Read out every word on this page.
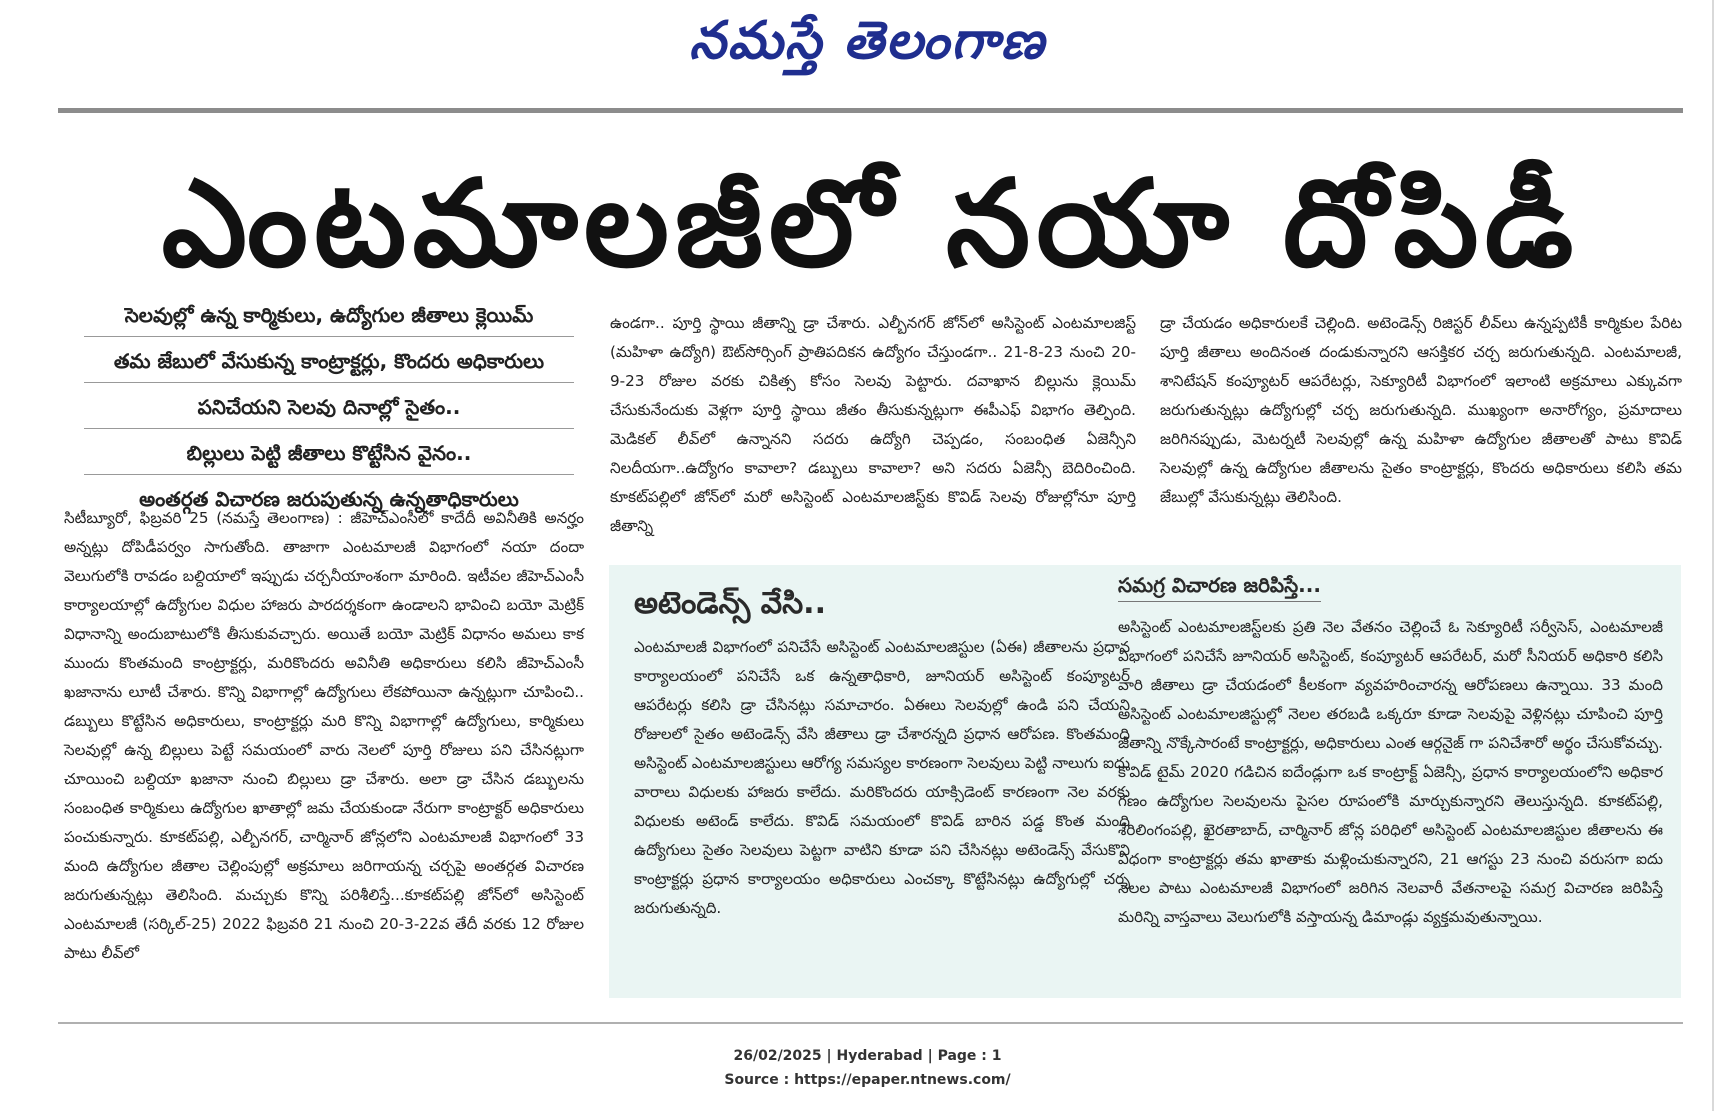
నమస్తే తెలంగాణ
ఎంటమాలజీలో నయా దోపిడీ
సెలవుల్లో ఉన్న కార్మికులు, ఉద్యోగుల జీతాలు క్లెయిమ్
తమ జేబులో వేసుకున్న కాంట్రాక్టర్లు, కొందరు అధికారులు
పనిచేయని సెలవు దినాల్లో సైతం..
బిల్లులు పెట్టి జీతాలు కొట్టేసిన వైనం..
అంతర్గత విచారణ జరుపుతున్న ఉన్నతాధికారులు

సిటీబ్యూరో, ఫిబ్రవరి 25 (నమస్తే తెలంగాణ) : జీహెచ్‌ఎంసీలో కాదేదీ అవినీతికి అనర్హం అన్నట్లు దోపిడీపర్వం సాగుతోంది. తాజాగా ఎంటమాలజీ విభాగంలో నయా దందా వెలుగులోకి రావడం బల్దియాలో ఇప్పుడు చర్చనీయాంశంగా మారింది. ఇటీవల జీహెచ్‌ఎంసీ కార్యాలయాల్లో ఉద్యోగుల విధుల హాజరు పారదర్శకంగా ఉండాలని భావించి బయో మెట్రిక్ విధానాన్ని అందుబాటులోకి తీసుకువచ్చారు. అయితే బయో మెట్రిక్ విధానం అమలు కాక ముందు కొంతమంది కాంట్రాక్టర్లు, మరికొందరు అవినీతి అధికారులు కలిసి జీహెచ్‌ఎంసీ ఖజానాను లూటీ చేశారు. కొన్ని విభాగాల్లో ఉద్యోగులు లేకపోయినా ఉన్నట్లుగా చూపించి.. డబ్బులు కొట్టేసిన అధికారులు, కాంట్రాక్టర్లు మరి కొన్ని విభాగాల్లో ఉద్యోగులు, కార్మికులు సెలవుల్లో ఉన్న బిల్లులు పెట్టే సమయంలో వారు నెలలో పూర్తి రోజులు పని చేసినట్లుగా చూయించి బల్దియా ఖజానా నుంచి బిల్లులు డ్రా చేశారు. అలా డ్రా చేసిన డబ్బులను సంబంధిత కార్మికులు ఉద్యోగుల ఖాతాల్లో జమ చేయకుండా నేరుగా కాంట్రాక్టర్ అధికారులు పంచుకున్నారు. కూకట్‌పల్లి, ఎల్బీనగర్, చార్మినార్ జోన్లలోని ఎంటమాలజీ విభాగంలో 33 మంది ఉద్యోగుల జీతాల చెల్లింపుల్లో అక్రమాలు జరిగాయన్న చర్చపై అంతర్గత విచారణ జరుగుతున్నట్లు తెలిసింది. మచ్చుకు కొన్ని పరిశీలిస్తే...కూకట్‌పల్లి జోన్‌లో అసిస్టెంట్ ఎంటమాలజీ (సర్కిల్-25) 2022 ఫిబ్రవరి 21 నుంచి 20-3-22వ తేదీ వరకు 12 రోజుల పాటు లీవ్‌లో

ఉండగా.. పూర్తి స్థాయి జీతాన్ని డ్రా చేశారు. ఎల్బీనగర్ జోన్‌లో అసిస్టెంట్ ఎంటమాలజిస్ట్ (మహిళా ఉద్యోగి) ఔట్‌సోర్సింగ్ ప్రాతిపదికన ఉద్యోగం చేస్తుండగా.. 21-8-23 నుంచి 20-9-23 రోజుల వరకు చికిత్స కోసం సెలవు పెట్టారు. దవాఖాన బిల్లును క్లెయిమ్ చేసుకునేందుకు వెళ్లగా పూర్తి స్థాయి జీతం తీసుకున్నట్లుగా ఈపీఎఫ్ విభాగం తెల్పింది. మెడికల్ లీవ్‌లో ఉన్నానని సదరు ఉద్యోగి చెప్పడం, సంబంధిత ఏజెన్సీని నిలదీయగా..ఉద్యోగం కావాలా? డబ్బులు కావాలా? అని సదరు ఏజెన్సీ బెదిరించింది. కూకట్‌పల్లిలో జోన్‌లో మరో అసిస్టెంట్ ఎంటమాలజిస్ట్‌కు కొవిడ్ సెలవు రోజుల్లోనూ పూర్తి జీతాన్ని

డ్రా చేయడం అధికారులకే చెల్లింది. అటెండెన్స్ రిజిస్టర్ లీవ్‌లు ఉన్నప్పటికీ కార్మికుల పేరిట పూర్తి జీతాలు అందినంత దండుకున్నారని ఆసక్తికర చర్చ జరుగుతున్నది. ఎంటమాలజీ, శానిటేషన్ కంప్యూటర్ ఆపరేటర్లు, సెక్యూరిటీ విభాగంలో ఇలాంటి అక్రమాలు ఎక్కువగా జరుగుతున్నట్లు ఉద్యోగుల్లో చర్చ జరుగుతున్నది. ముఖ్యంగా అనారోగ్యం, ప్రమాదాలు జరిగినప్పుడు, మెటర్నటీ సెలవుల్లో ఉన్న మహిళా ఉద్యోగుల జీతాలతో పాటు కొవిడ్ సెలవుల్లో ఉన్న ఉద్యోగుల జీతాలను సైతం కాంట్రాక్టర్లు, కొందరు అధికారులు కలిసి తమ జేబుల్లో వేసుకున్నట్లు తెలిసింది.

అటెండెన్స్ వేసి..

ఎంటమాలజీ విభాగంలో పనిచేసే అసిస్టెంట్ ఎంటమాలజిస్టుల (ఏఈ) జీతాలను ప్రధాన కార్యాలయంలో పనిచేసే ఒక ఉన్నతాధికారి, జూనియర్ అసిస్టెంట్ కంప్యూటర్ ఆపరేటర్లు కలిసి డ్రా చేసినట్లు సమాచారం. ఏఈలు సెలవుల్లో ఉండి పని చేయని రోజులలో సైతం అటెండెన్స్ వేసి జీతాలు డ్రా చేశారన్నది ప్రధాన ఆరోపణ. కొంతమంది అసిస్టెంట్ ఎంటమాలజిస్టులు ఆరోగ్య సమస్యల కారణంగా సెలవులు పెట్టి నాలుగు ఐదు వారాలు విధులకు హాజరు కాలేదు. మరికొందరు యాక్సిడెంట్ కారణంగా నెల వరకు విధులకు అటెండ్ కాలేదు. కొవిడ్ సమయంలో కొవిడ్ బారిన పడ్డ కొంత మంది ఉద్యోగులు సైతం సెలవులు పెట్టగా వాటిని కూడా పని చేసినట్లు అటెండెన్స్ వేసుకొని కాంట్రాక్టర్లు ప్రధాన కార్యాలయం అధికారులు ఎంచక్కా కొట్టేసినట్లు ఉద్యోగుల్లో చర్చ జరుగుతున్నది.

సమగ్ర విచారణ జరిపిస్తే...

అసిస్టెంట్ ఎంటమాలజిస్ట్‌లకు ప్రతి నెల వేతనం చెల్లించే ఓ సెక్యూరిటీ సర్వీసెస్, ఎంటమాలజీ విభాగంలో పనిచేసే జూనియర్ అసిస్టెంట్, కంప్యూటర్ ఆపరేటర్, మరో సీనియర్ అధికారి కలిసి వారి జీతాలు డ్రా చేయడంలో కీలకంగా వ్యవహరించారన్న ఆరోపణలు ఉన్నాయి. 33 మంది అసిస్టెంట్ ఎంటమాలజిస్టుల్లో నెలల తరబడి ఒక్కరూ కూడా సెలవుపై వెళ్లినట్లు చూపించి పూర్తి జీతాన్ని నొక్కేసారంటే కాంట్రాక్టర్లు, అధికారులు ఎంత ఆర్గనైజ్ గా పనిచేశారో అర్థం చేసుకోవచ్చు. కొవిడ్ టైమ్ 2020 గడిచిన ఐదేండ్లుగా ఒక కాంట్రాక్ట్ ఏజెన్సీ, ప్రధాన కార్యాలయంలోని అధికార గణం ఉద్యోగుల సెలవులను పైసల రూపంలోకి మార్చుకున్నారని తెలుస్తున్నది. కూకట్‌పల్లి, శేరిలింగంపల్లి, ఖైరతాబాద్, చార్మినార్ జోన్ల పరిధిలో అసిస్టెంట్ ఎంటమాలజిస్టుల జీతాలను ఈ విధంగా కాంట్రాక్టర్లు తమ ఖాతాకు మళ్లించుకున్నారని, 21 ఆగస్టు 23 నుంచి వరుసగా ఐదు నెలల పాటు ఎంటమాలజీ విభాగంలో జరిగిన నెలవారీ వేతనాలపై సమగ్ర విచారణ జరిపిస్తే మరిన్ని వాస్తవాలు వెలుగులోకి వస్తాయన్న డిమాండ్లు వ్యక్తమవుతున్నాయి.

26/02/2025 | Hyderabad | Page : 1
Source : https://epaper.ntnews.com/
